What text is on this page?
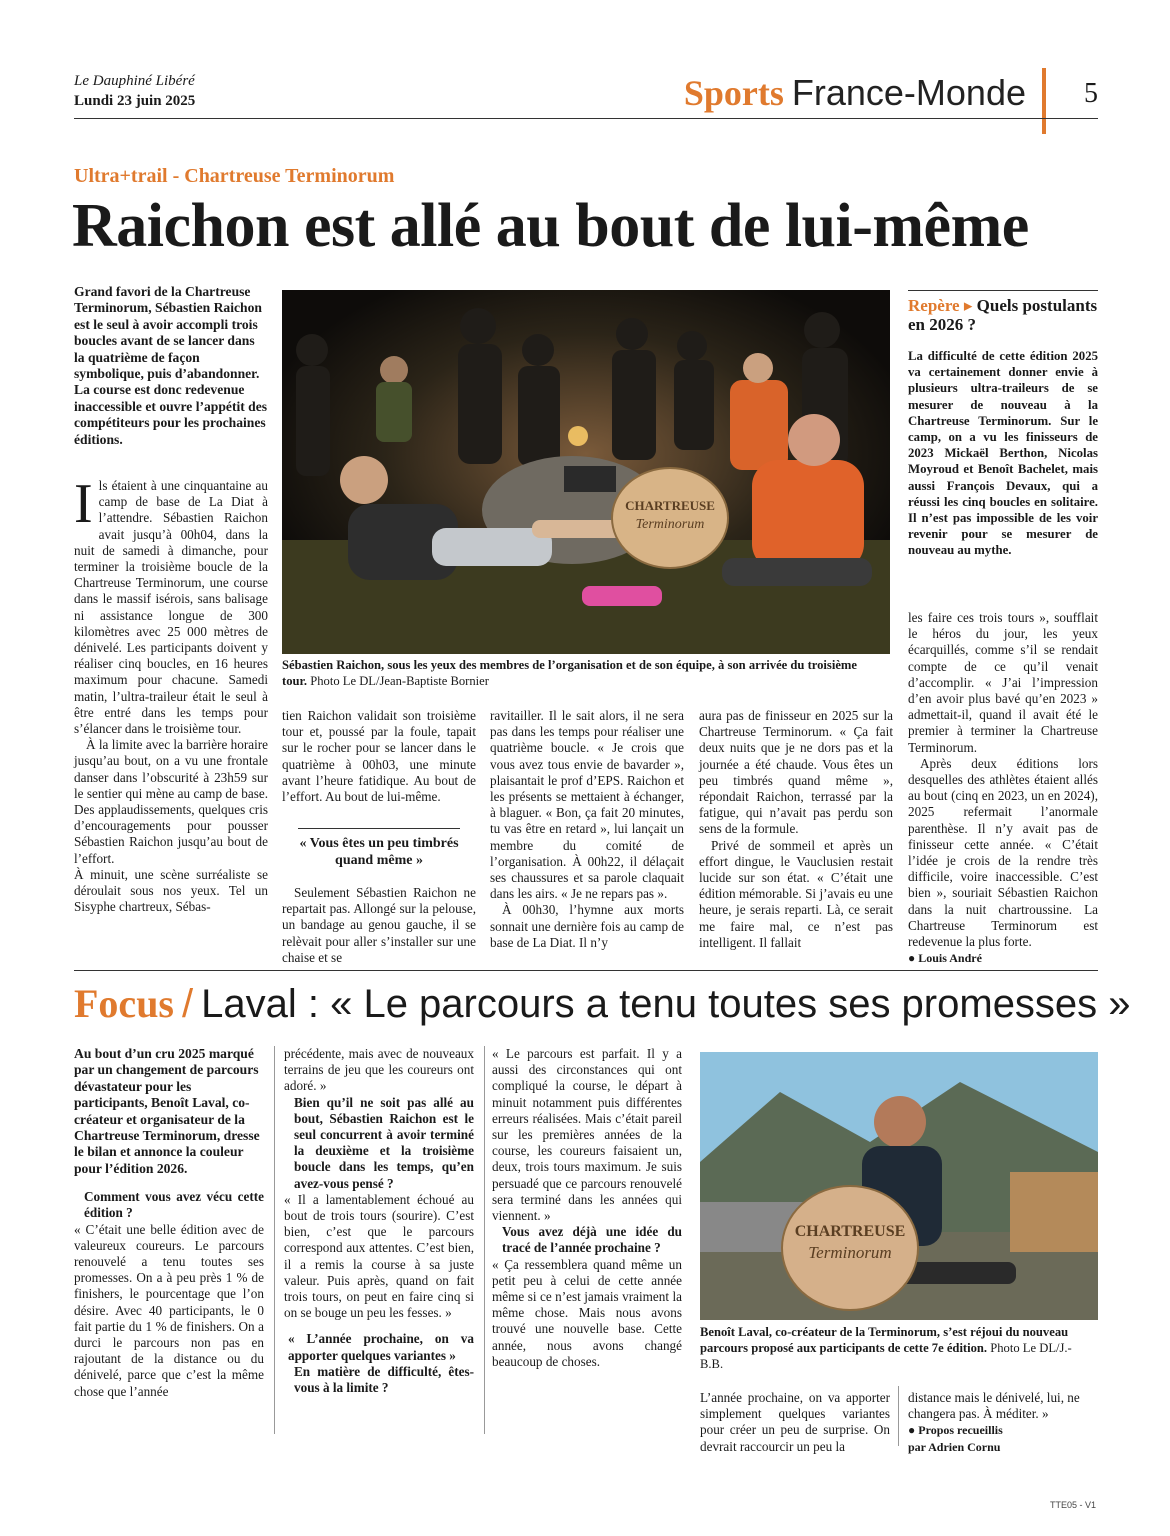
Le Dauphiné Libéré
Lundi 23 juin 2025	Sports France-Monde 5
Ultra+trail - Chartreuse Terminorum
Raichon est allé au bout de lui-même
Grand favori de la Chartreuse Terminorum, Sébastien Raichon est le seul à avoir accompli trois boucles avant de se lancer dans la quatrième de façon symbolique, puis d’abandonner. La course est donc redevenue inaccessible et ouvre l’appétit des compétiteurs pour les prochaines éditions.

Ils étaient à une cinquantaine au camp de base de La Diat à l’attendre. Sébastien Raichon avait jusqu’à 00h04, dans la nuit de samedi à dimanche, pour terminer la troisième boucle de la Chartreuse Terminorum, une course dans le massif isérois, sans balisage ni assistance longue de 300 kilomètres avec 25 000 mètres de dénivelé. Les participants doivent y réaliser cinq boucles, en 16 heures maximum pour chacune. Samedi matin, l’ultra-traileur était le seul à être entré dans les temps pour s’élancer dans le troisième tour.

À la limite avec la barrière horaire jusqu’au bout, on a vu une frontale danser dans l’obscurité à 23h59 sur le sentier qui mène au camp de base. Des applaudissements, quelques cris d’encouragements pour pousser Sébastien Raichon jusqu’au bout de l’effort.

À minuit, une scène surréaliste se déroulait sous nos yeux. Tel un Sisyphe chartreux, Sébas-

CHARTREUSE
Terminorum
Sébastien Raichon, sous les yeux des membres de l’organisation et de son équipe, à son arrivée du troisième tour. Photo Le DL/Jean-Baptiste Bornier

tien Raichon validait son troisième tour et, poussé par la foule, tapait sur le rocher pour se lancer dans le quatrième à 00h03, une minute avant l’heure fatidique. Au bout de l’effort. Au bout de lui-même.

« Vous êtes un peu timbrés quand même »

Seulement Sébastien Raichon ne repartait pas. Allongé sur la pelouse, un bandage au genou gauche, il se relèvait pour aller s’installer sur une chaise et se

ravitailler. Il le sait alors, il ne sera pas dans les temps pour réaliser une quatrième boucle. « Je crois que vous avez tous envie de bavarder », plaisantait le prof d’EPS. Raichon et les présents se mettaient à échanger, à blaguer. « Bon, ça fait 20 minutes, tu vas être en retard », lui lançait un membre du comité de l’organisation. À 00h22, il délaçait ses chaussures et sa parole claquait dans les airs. « Je ne repars pas ».

À 00h30, l’hymne aux morts sonnait une dernière fois au camp de base de La Diat. Il n’y

aura pas de finisseur en 2025 sur la Chartreuse Terminorum. « Ça fait deux nuits que je ne dors pas et la journée a été chaude. Vous êtes un peu timbrés quand même », répondait Raichon, terrassé par la fatigue, qui n’avait pas perdu son sens de la formule.

Privé de sommeil et après un effort dingue, le Vauclusien restait lucide sur son état. « C’était une édition mémorable. Si j’avais eu une heure, je serais reparti. Là, ce serait me faire mal, ce n’est pas intelligent. Il fallait

Repère ▸ Quels postulants en 2026 ?
La difficulté de cette édition 2025 va certainement donner envie à plusieurs ultra-traileurs de se mesurer de nouveau à la Chartreuse Terminorum. Sur le camp, on a vu les finisseurs de 2023 Mickaël Berthon, Nicolas Moyroud et Benoît Bachelet, mais aussi François Devaux, qui a réussi les cinq boucles en solitaire. Il n’est pas impossible de les voir revenir pour se mesurer de nouveau au mythe.

les faire ces trois tours », soufflait le héros du jour, les yeux écarquillés, comme s’il se rendait compte de ce qu’il venait d’accomplir. « J’ai l’impression d’en avoir plus bavé qu’en 2023 » admettait-il, quand il avait été le premier à terminer la Chartreuse Terminorum.

Après deux éditions lors desquelles des athlètes étaient allés au bout (cinq en 2023, un en 2024), 2025 refermait l’anormale parenthèse. Il n’y avait pas de finisseur cette année. « C’était l’idée je crois de la rendre très difficile, voire inaccessible. C’est bien », souriait Sébastien Raichon dans la nuit chartroussine. La Chartreuse Terminorum est redevenue la plus forte.

● Louis André

Focus / Laval : « Le parcours a tenu toutes ses promesses »

Au bout d’un cru 2025 marqué par un changement de parcours dévastateur pour les participants, Benoît Laval, co-créateur et organisateur de la Chartreuse Terminorum, dresse le bilan et annonce la couleur pour l’édition 2026.

Comment vous avez vécu cette édition ?

« C’était une belle édition avec de valeureux coureurs. Le parcours renouvelé a tenu toutes ses promesses. On a à peu près 1 % de finishers, le pourcentage que l’on désire. Avec 40 participants, le 0 fait partie du 1 % de finishers. On a durci le parcours non pas en rajoutant de la distance ou du dénivelé, parce que c’est la même chose que l’année

précédente, mais avec de nouveaux terrains de jeu que les coureurs ont adoré. »

Bien qu’il ne soit pas allé au bout, Sébastien Raichon est le seul concurrent à avoir terminé la deuxième et la troisième boucle dans les temps, qu’en avez-vous pensé ?

« Il a lamentablement échoué au bout de trois tours (sourire). C’est bien, c’est que le parcours correspond aux attentes. C’est bien, il a remis la course à sa juste valeur. Puis après, quand on fait trois tours, on peut en faire cinq si on se bouge un peu les fesses. »

« L’année prochaine, on va apporter quelques variantes »

En matière de difficulté, êtes-vous à la limite ?

« Le parcours est parfait. Il y a aussi des circonstances qui ont compliqué la course, le départ à minuit notamment puis différentes erreurs réalisées. Mais c’était pareil sur les premières années de la course, les coureurs faisaient un, deux, trois tours maximum. Je suis persuadé que ce parcours renouvelé sera terminé dans les années qui viennent. »

Vous avez déjà une idée du tracé de l’année prochaine ?

« Ça ressemblera quand même un petit peu à celui de cette année même si ce n’est jamais vraiment la même chose. Mais nous avons trouvé une nouvelle base. Cette année, nous avons changé beaucoup de choses.

CHARTREUSE
Terminorum
Benoît Laval, co-créateur de la Terminorum, s’est réjoui du nouveau parcours proposé aux participants de cette 7e édition. Photo Le DL/J.-B.B.

L’année prochaine, on va apporter simplement quelques variantes pour créer un peu de surprise. On devrait raccourcir un peu la

distance mais le dénivelé, lui, ne changera pas. À méditer. »

● Propos recueillis
par Adrien Cornu

TTE05 - V1
